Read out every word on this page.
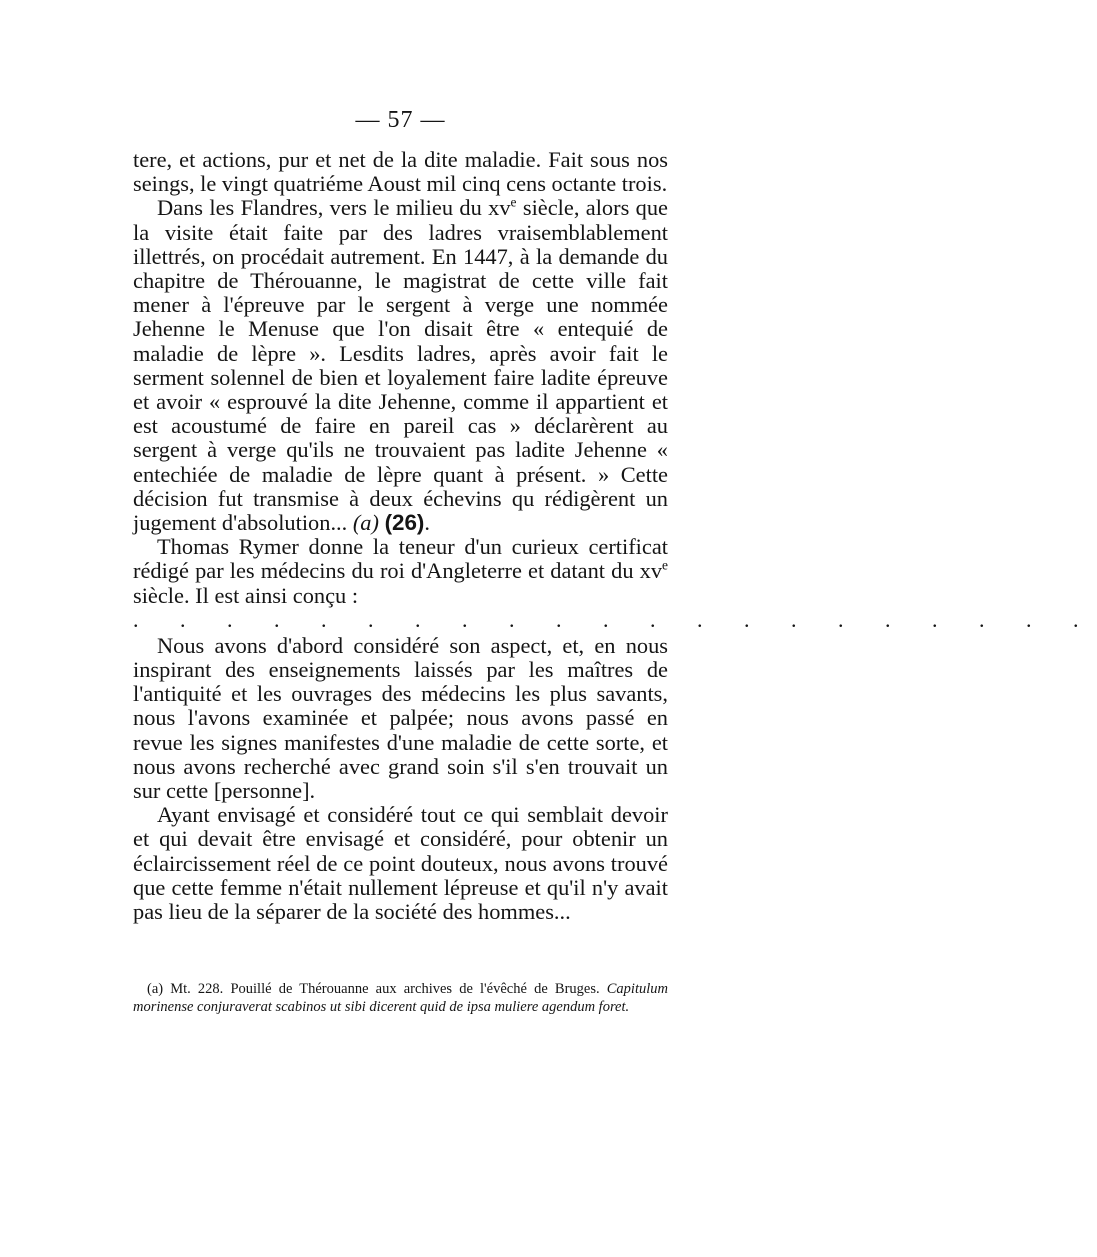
— 57 —

tere, et actions, pur et net de la dite maladie. Fait sous nos seings, le vingt quatriéme Aoust mil cinq cens octante trois.

Dans les Flandres, vers le milieu du $xv^e$ siècle, alors que la visite était faite par des ladres vraisemblablement illettrés, on procédait autrement. En 1447, à la demande du chapitre de Thérouanne, le magistrat de cette ville fait mener à l'épreuve par le sergent à verge une nommée Jehenne le Menuse que l'on disait être « entequié de maladie de lèpre ». Lesdits ladres, après avoir fait le serment solennel de bien et loyalement faire ladite épreuve et avoir « esprouvé la dite Jehenne, comme il appartient et est acoustumé de faire en pareil cas » déclarèrent au sergent à verge qu'ils ne trouvaient pas ladite Jehenne « entechiée de maladie de lèpre quant à présent. » Cette décision fut transmise à deux échevins qu rédigèrent un jugement d'absolution... (a) (26).

Thomas Rymer donne la teneur d'un curieux certificat rédigé par les médecins du roi d'Angleterre et datant du $xv^e$ siècle. Il est ainsi conçu :

. . . . . . . . . . . . . . . . . . . . .

Nous avons d'abord considéré son aspect, et, en nous inspirant des enseignements laissés par les maîtres de l'antiquité et les ouvrages des médecins les plus savants, nous l'avons examinée et palpée; nous avons passé en revue les signes manifestes d'une maladie de cette sorte, et nous avons recherché avec grand soin s'il s'en trouvait un sur cette [personne].

Ayant envisagé et considéré tout ce qui semblait devoir et qui devait être envisagé et considéré, pour obtenir un éclaircissement réel de ce point douteux, nous avons trouvé que cette femme n'était nullement lépreuse et qu'il n'y avait pas lieu de la séparer de la société des hommes...

(a) Mt. 228. Pouillé de Thérouanne aux archives de l'évêché de Bruges. Capitulum morinense conjuraverat scabinos ut sibi dicerent quid de ipsa muliere agendum foret.
